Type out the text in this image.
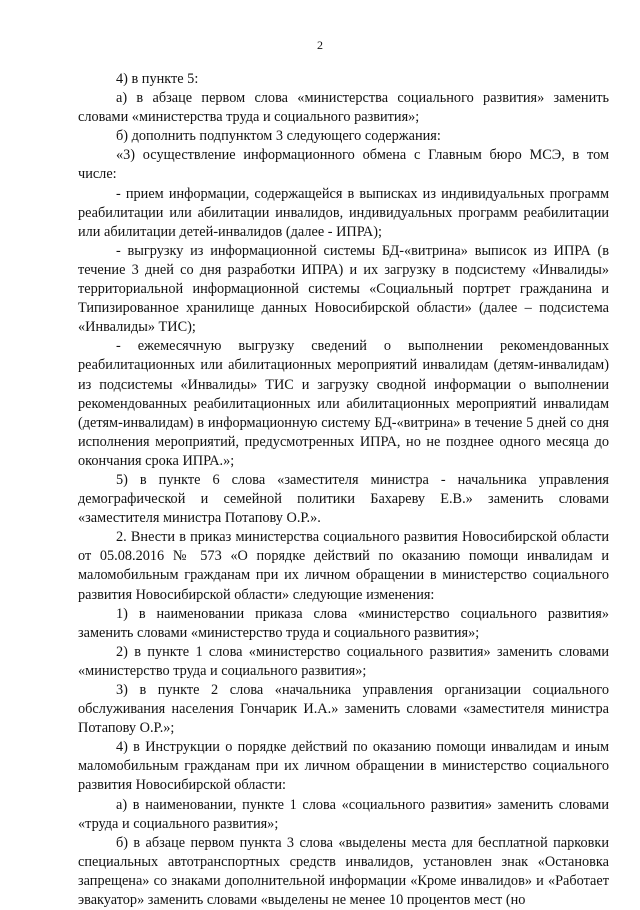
2

4) в пункте 5:

а) в абзаце первом слова «министерства социального развития» заменить словами «министерства труда и социального развития»;

б) дополнить подпунктом 3 следующего содержания:

«3) осуществление информационного обмена с Главным бюро МСЭ, в том числе:

- прием информации, содержащейся в выписках из индивидуальных программ реабилитации или абилитации инвалидов, индивидуальных программ реабилитации или абилитации детей-инвалидов (далее - ИПРА);

- выгрузку из информационной системы БД-«витрина» выписок из ИПРА (в течение 3 дней со дня разработки ИПРА) и их загрузку в подсистему «Инвалиды» территориальной информационной системы «Социальный портрет гражданина и Типизированное хранилище данных Новосибирской области» (далее – подсистема «Инвалиды» ТИС);

- ежемесячную выгрузку сведений о выполнении рекомендованных реабилитационных или абилитационных мероприятий инвалидам (детям-инвалидам) из подсистемы «Инвалиды» ТИС и загрузку сводной информации о выполнении рекомендованных реабилитационных или абилитационных мероприятий инвалидам (детям-инвалидам) в информационную систему БД-«витрина» в течение 5 дней со дня исполнения мероприятий, предусмотренных ИПРА, но не позднее одного месяца до окончания срока ИПРА.»;

5) в пункте 6 слова «заместителя министра - начальника управления демографической и семейной политики Бахареву Е.В.» заменить словами «заместителя министра Потапову О.Р.».

2. Внести в приказ министерства социального развития Новосибирской области от 05.08.2016 № 573 «О порядке действий по оказанию помощи инвалидам и маломобильным гражданам при их личном обращении в министерство социального развития Новосибирской области» следующие изменения:

1) в наименовании приказа слова «министерство социального развития» заменить словами «министерство труда и социального развития»;

2) в пункте 1 слова «министерство социального развития» заменить словами «министерство труда и социального развития»;

3) в пункте 2 слова «начальника управления организации социального обслуживания населения Гончарик И.А.» заменить словами «заместителя министра Потапову О.Р.»;

4) в Инструкции о порядке действий по оказанию помощи инвалидам и иным маломобильным гражданам при их личном обращении в министерство социального развития Новосибирской области:

а) в наименовании, пункте 1 слова «социального развития» заменить словами «труда и социального развития»;

б) в абзаце первом пункта 3 слова «выделены места для бесплатной парковки специальных автотранспортных средств инвалидов, установлен знак «Остановка запрещена» со знаками дополнительной информации «Кроме инвалидов» и «Работает эвакуатор» заменить словами «выделены не менее 10 процентов мест (но
